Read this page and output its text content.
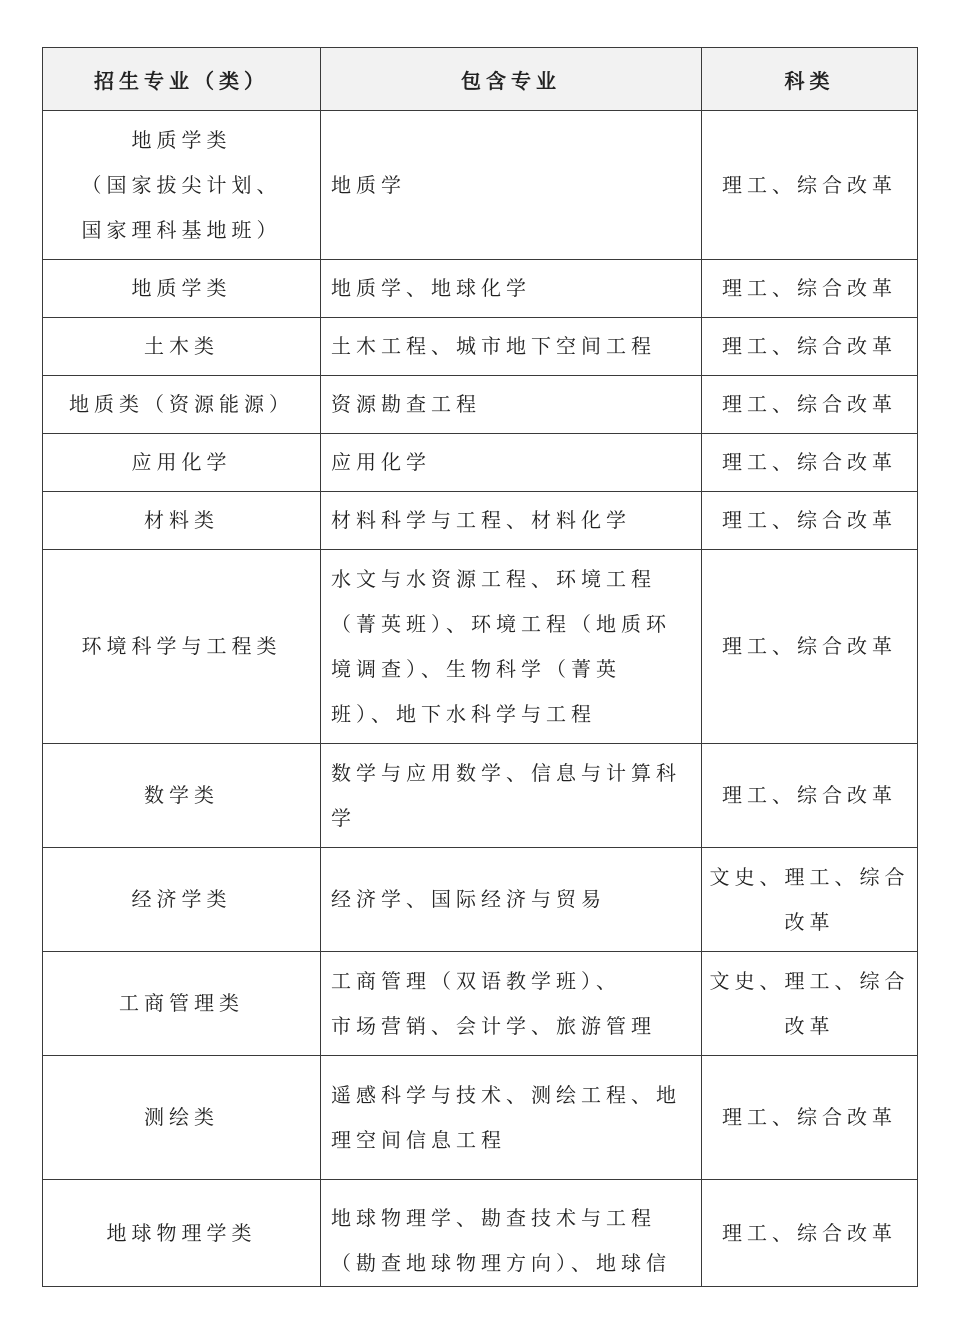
招生专业（类）	包含专业	科类

地质学类
（国家拔尖计划、
国家理科基地班）	地质学	理工、综合改革

地质学类	地质学、地球化学	理工、综合改革

土木类	土木工程、城市地下空间工程	理工、综合改革

地质类（资源能源）	资源勘查工程	理工、综合改革

应用化学	应用化学	理工、综合改革

材料类	材料科学与工程、材料化学	理工、综合改革

环境科学与工程类	水文与水资源工程、环境工程
（菁英班）、环境工程（地质环
境调查）、生物科学（菁英
班）、地下水科学与工程	理工、综合改革

数学类	数学与应用数学、信息与计算科
学	理工、综合改革

经济学类	经济学、国际经济与贸易	文史、理工、综合
改革

工商管理类	工商管理（双语教学班）、
市场营销、会计学、旅游管理	文史、理工、综合
改革

测绘类	遥感科学与技术、测绘工程、地
理空间信息工程	理工、综合改革

地球物理学类	地球物理学、勘查技术与工程
（勘查地球物理方向）、地球信	理工、综合改革
